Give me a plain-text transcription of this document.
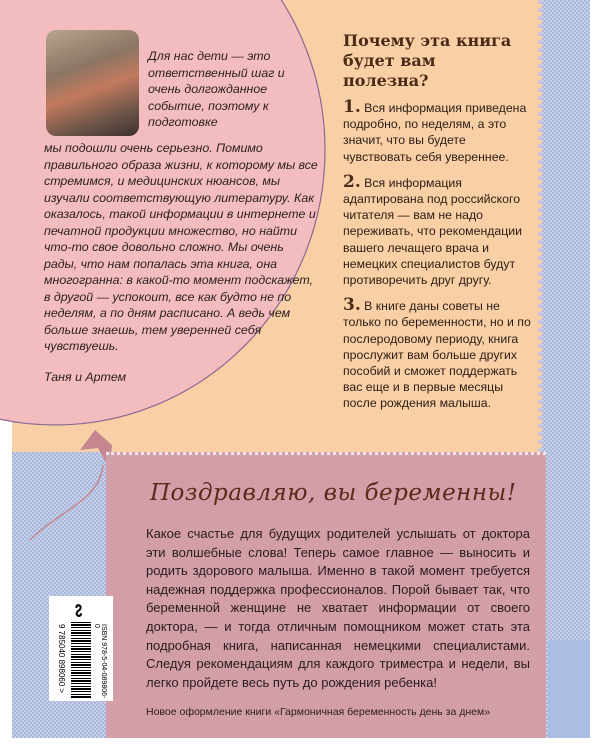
Для нас дети — это ответственный шаг и очень долгожданное событие, поэтому к подготовке
мы подошли очень серьезно. Помимо правильного образа жизни, к которому мы все стремимся, и медицинских нюансов, мы изучали соответствующую литературу. Как оказалось, такой информации в интернете и печатной продукции множество, но найти что-то свое довольно сложно. Мы очень рады, что нам попалась эта книга, она многогранна: в какой-то момент подскажет, в другой — успокоит, все как будто не по неделям, а по дням расписано. А ведь чем больше знаешь, тем уверенней себя чувствуешь.
Таня и Артем
Почему эта книга будет вам полезна?
1. Вся информация приведена подробно, по неделям, а это значит, что вы будете чувствовать себя увереннее.
2. Вся информация адаптирована под российского читателя — вам не надо переживать, что рекомендации вашего лечащего врача и немецких специалистов будут противоречить друг другу.
3. В книге даны советы не только по беременности, но и по послеродовому периоду, книга прослужит вам больше других пособий и сможет поддержать вас еще и в первые месяцы после рождения малыша.
Поздравляю, вы беременны!
Какое счастье для будущих родителей услышать от доктора эти волшебные слова! Теперь самое главное — выносить и родить здорового малыша. Именно в такой момент требуется надежная поддержка профессионалов. Порой бывает так, что беременной женщине не хватает информации от своего доктора, — и тогда отличным помощником может стать эта подробная книга, написанная немецкими специалистами. Следуя рекомендациям для каждого триместра и недели, вы легко пройдете весь путь до рождения ребенка!
Новое оформление книги «Гармоничная беременность день за днем»
∾
ISBN 978-5-04-089806-0
9 785040 898060 >
